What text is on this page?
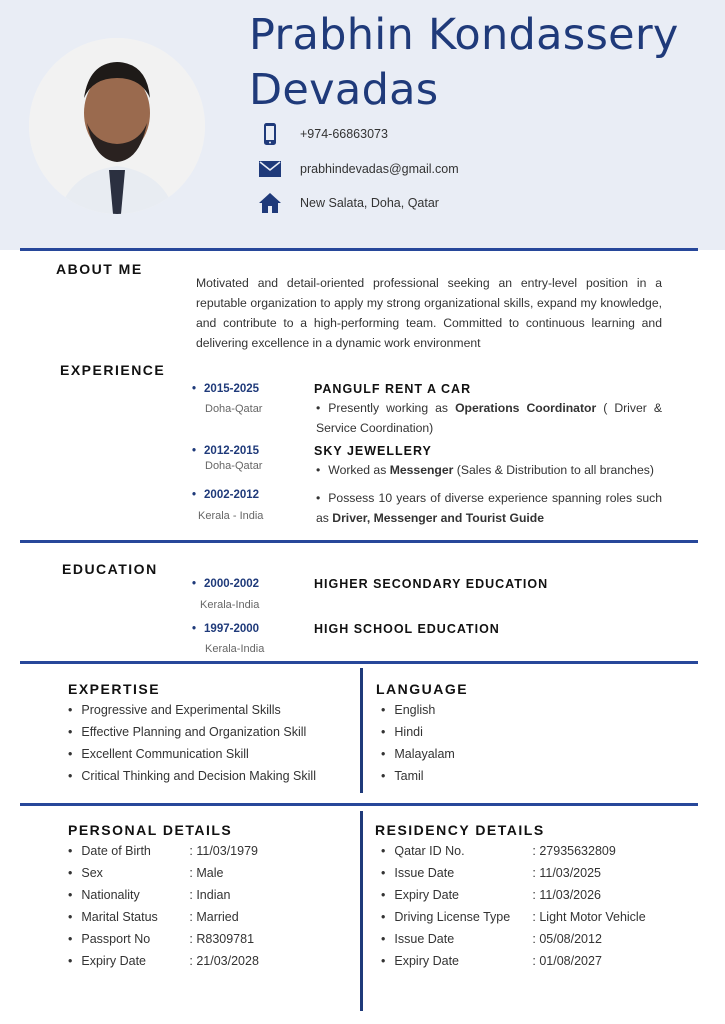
Prabhin Kondassery
Devadas
+974-66863073
prabhindevadas@gmail.com
New Salata, Doha, Qatar
ABOUT ME
Motivated and detail-oriented professional seeking an entry-level position in a reputable organization to apply my strong organizational skills, expand my knowledge, and contribute to a high-performing team. Committed to continuous learning and delivering excellence in a dynamic work environment
EXPERIENCE
• 2015-2025
Doha-Qatar
PANGULF RENT A CAR
• Presently working as Operations Coordinator ( Driver & Service Coordination)
• 2012-2015
Doha-Qatar
SKY JEWELLERY
• Worked as Messenger (Sales & Distribution to all branches)
• 2002-2012
Kerala - India
• Possess 10 years of diverse experience spanning roles such as Driver, Messenger and Tourist Guide
EDUCATION
• 2000-2002
Kerala-India
HIGHER SECONDARY EDUCATION
• 1997-2000
Kerala-India
HIGH SCHOOL EDUCATION
EXPERTISE
• Progressive and Experimental Skills
• Effective Planning and Organization Skill
• Excellent Communication Skill
• Critical Thinking and Decision Making Skill
LANGUAGE
• English
• Hindi
• Malayalam
• Tamil
PERSONAL DETAILS
• Date of Birth	: 11/03/1979
• Sex	: Male
• Nationality	: Indian
• Marital Status	: Married
• Passport No	: R8309781
• Expiry Date	: 21/03/2028
RESIDENCY DETAILS
• Qatar ID No.	: 27935632809
• Issue Date	: 11/03/2025
• Expiry Date	: 11/03/2026
• Driving License Type	: Light Motor Vehicle
• Issue Date	: 05/08/2012
• Expiry Date	: 01/08/2027
